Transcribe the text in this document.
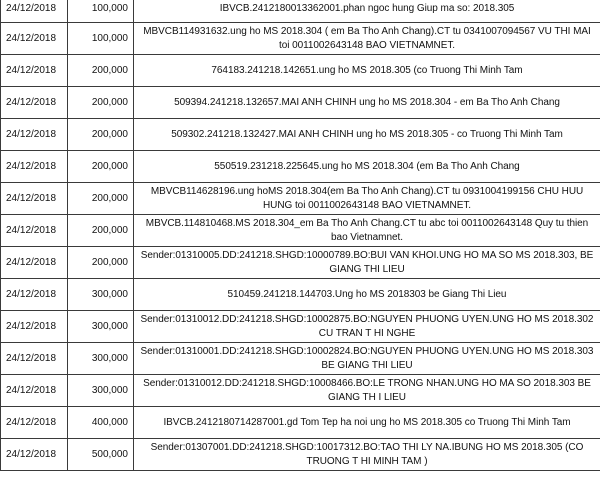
24/12/2018	100,000	IBVCB.2412180013362001.phan ngoc hung Giup ma so: 2018.305
24/12/2018	100,000	MBVCB114931632.ung ho MS 2018.304 ( em Ba Tho Anh Chang).CT tu 0341007094567 VU THI MAI toi 0011002643148 BAO VIETNAMNET.
24/12/2018	200,000	764183.241218.142651.ung ho MS 2018.305 (co Truong Thi Minh Tam
24/12/2018	200,000	509394.241218.132657.MAI ANH CHINH ung ho MS 2018.304 - em Ba Tho Anh Chang
24/12/2018	200,000	509302.241218.132427.MAI ANH CHINH ung ho MS 2018.305 - co Truong Thi Minh Tam
24/12/2018	200,000	550519.231218.225645.ung ho MS 2018.304 (em Ba Tho Anh Chang
24/12/2018	200,000	MBVCB114628196.ung hoMS 2018.304(em Ba Tho Anh Chang).CT tu 0931004199156 CHU HUU HUNG toi 0011002643148 BAO VIETNAMNET.
24/12/2018	200,000	MBVCB.114810468.MS 2018.304_em Ba Tho Anh Chang.CT tu abc toi 0011002643148 Quy tu thien bao Vietnamnet.
24/12/2018	200,000	Sender:01310005.DD:241218.SHGD:10000789.BO:BUI VAN KHOI.UNG HO MA SO MS 2018.303, BE GIANG THI LIEU
24/12/2018	300,000	510459.241218.144703.Ung ho MS 2018303 be Giang Thi Lieu
24/12/2018	300,000	Sender:01310012.DD:241218.SHGD:10002875.BO:NGUYEN PHUONG UYEN.UNG HO MS 2018.302 CU TRAN T HI NGHE
24/12/2018	300,000	Sender:01310001.DD:241218.SHGD:10002824.BO:NGUYEN PHUONG UYEN.UNG HO MS 2018.303 BE GIANG THI LIEU
24/12/2018	300,000	Sender:01310012.DD:241218.SHGD:10008466.BO:LE TRONG NHAN.UNG HO MA SO 2018.303 BE GIANG TH I LIEU
24/12/2018	400,000	IBVCB.2412180714287001.gd Tom Tep ha noi ung ho MS 2018.305 co Truong Thi Minh Tam
24/12/2018	500,000	Sender:01307001.DD:241218.SHGD:10017312.BO:TAO THI LY NA.IBUNG HO MS 2018.305 (CO TRUONG T HI MINH TAM )
